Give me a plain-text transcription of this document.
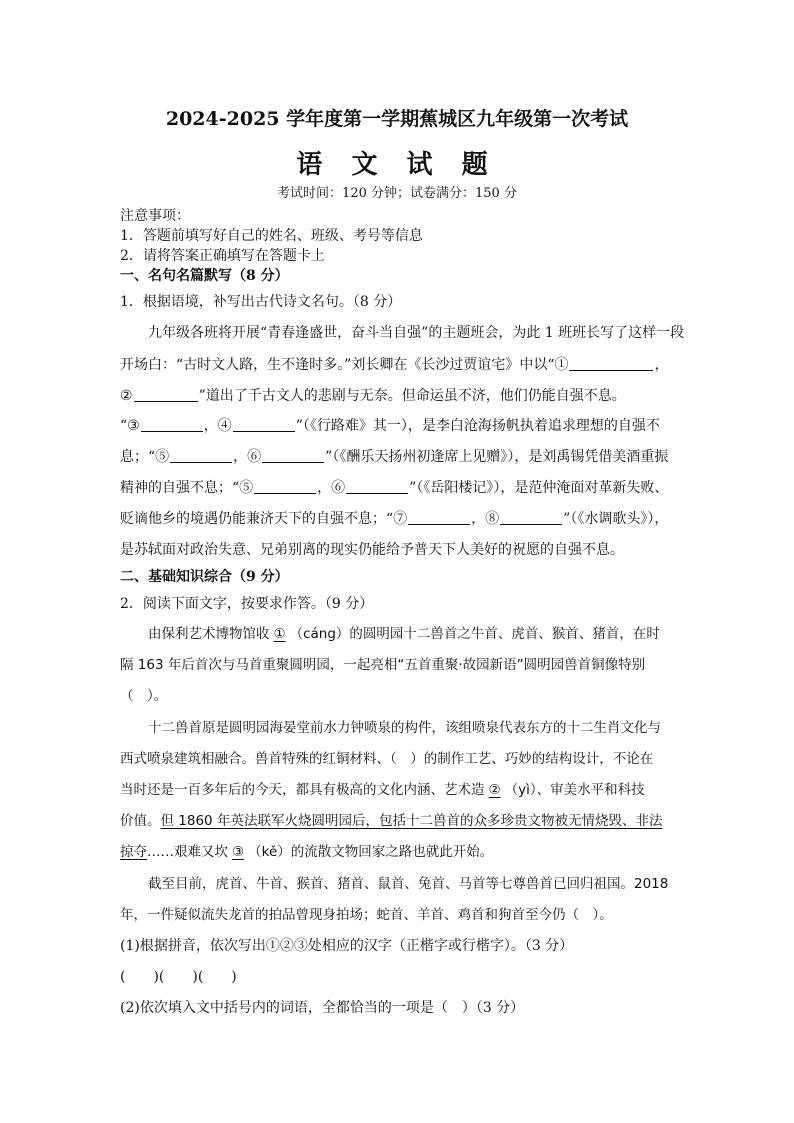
2024-2025 学年度第一学期蕉城区九年级第一次考试
语 文 试 题
考试时间：120 分钟；试卷满分：150 分
注意事项：
1．答题前填写好自己的姓名、班级、考号等信息
2．请将答案正确填写在答题卡上
一、名句名篇默写（8 分）
1．根据语境，补写出古代诗文名句。（8 分）
九年级各班将开展“青春逢盛世，奋斗当自强”的主题班会，为此 1 班班长写了这样一段
开场白：“古时文人路，生不逢时多。”刘长卿在《长沙过贾谊宅》中以“①	，
②	”道出了千古文人的悲剧与无奈。但命运虽不济，他们仍能自强不息。
“③	，④	”（《行路难》其一），是李白沧海扬帆执着追求理想的自强不
息；“⑤	，⑥	”（《酬乐天扬州初逢席上见赠》），是刘禹锡凭借美酒重振
精神的自强不息；“⑤	，⑥	”（《岳阳楼记》），是范仲淹面对革新失败、
贬谪他乡的境遇仍能兼济天下的自强不息；“⑦	，⑧	”（《水调歌头》），
是苏轼面对政治失意、兄弟别离的现实仍能给予普天下人美好的祝愿的自强不息。
二、基础知识综合（9 分）
2．阅读下面文字，按要求作答。（9 分）
由保利艺术博物馆收 ① （cáng）的圆明园十二兽首之牛首、虎首、猴首、猪首，在时
隔 163 年后首次与马首重聚圆明园，一起亮相“五首重聚·故园新语”圆明园兽首铜像特别
（　）。
十二兽首原是圆明园海晏堂前水力钟喷泉的构件，该组喷泉代表东方的十二生肖文化与
西式喷泉建筑相融合。兽首特殊的红铜材料、（　）的制作工艺、巧妙的结构设计，不论在
当时还是一百多年后的今天，都具有极高的文化内涵、艺术造 ② （yì）、审美水平和科技
价值。但 1860 年英法联军火烧圆明园后，包括十二兽首的众多珍贵文物被无情烧毁、非法
掠夺……艰难又坎 ③ （kě）的流散文物回家之路也就此开始。
截至目前，虎首、牛首、猴首、猪首、鼠首、兔首、马首等七尊兽首已回归祖国。2018
年，一件疑似流失龙首的拍品曾现身拍场；蛇首、羊首、鸡首和狗首至今仍（　）。
(1)根据拼音，依次写出①②③处相应的汉字（正楷字或行楷字）。（3 分）
(　　)(　　)(　　)
(2)依次填入文中括号内的词语，全都恰当的一项是（　）（3 分）
